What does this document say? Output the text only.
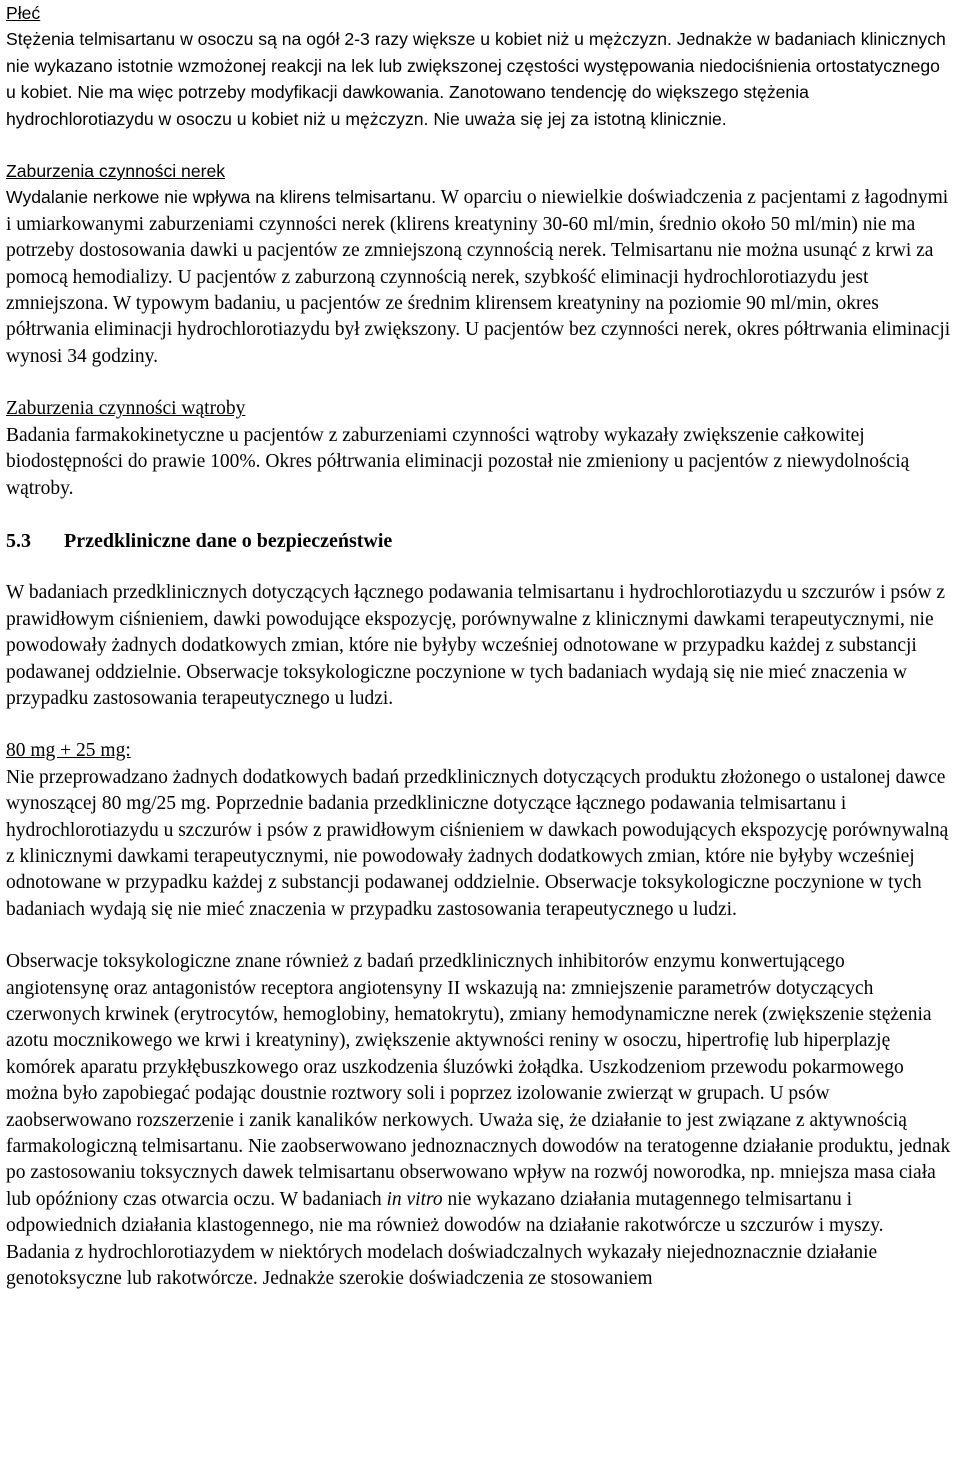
Płeć

Stężenia telmisartanu w osoczu są na ogół 2-3 razy większe u kobiet niż u mężczyzn. Jednakże w badaniach klinicznych nie wykazano istotnie wzmożonej reakcji na lek lub zwiększonej częstości występowania niedociśnienia ortostatycznego u kobiet. Nie ma więc potrzeby modyfikacji dawkowania. Zanotowano tendencję do większego stężenia hydrochlorotiazydu w osoczu u kobiet niż u mężczyzn. Nie uważa się jej za istotną klinicznie.

Zaburzenia czynności nerek

Wydalanie nerkowe nie wpływa na klirens telmisartanu. W oparciu o niewielkie doświadczenia z pacjentami z łagodnymi i umiarkowanymi zaburzeniami czynności nerek (klirens kreatyniny 30-60 ml/min, średnio około 50 ml/min) nie ma potrzeby dostosowania dawki u pacjentów ze zmniejszoną czynnością nerek. Telmisartanu nie można usunąć z krwi za pomocą hemodializy. U pacjentów z zaburzoną czynnością nerek, szybkość eliminacji hydrochlorotiazydu jest zmniejszona. W typowym badaniu, u pacjentów ze średnim klirensem kreatyniny na poziomie 90 ml/min, okres półtrwania eliminacji hydrochlorotiazydu był zwiększony. U pacjentów bez czynności nerek, okres półtrwania eliminacji wynosi 34 godziny.

Zaburzenia czynności wątroby

Badania farmakokinetyczne u pacjentów z zaburzeniami czynności wątroby wykazały zwiększenie całkowitej biodostępności do prawie 100%. Okres półtrwania eliminacji pozostał nie zmieniony u pacjentów z niewydolnością wątroby.

5.3	Przedkliniczne dane o bezpieczeństwie

W badaniach przedklinicznych dotyczących łącznego podawania telmisartanu i hydrochlorotiazydu u szczurów i psów z prawidłowym ciśnieniem, dawki powodujące ekspozycję, porównywalne z klinicznymi dawkami terapeutycznymi, nie powodowały żadnych dodatkowych zmian, które nie byłyby wcześniej odnotowane w przypadku każdej z substancji podawanej oddzielnie. Obserwacje toksykologiczne poczynione w tych badaniach wydają się nie mieć znaczenia w przypadku zastosowania terapeutycznego u ludzi.

80 mg + 25 mg:

Nie przeprowadzano żadnych dodatkowych badań przedklinicznych dotyczących produktu złożonego o ustalonej dawce wynoszącej 80 mg/25 mg. Poprzednie badania przedkliniczne dotyczące łącznego podawania telmisartanu i hydrochlorotiazydu u szczurów i psów z prawidłowym ciśnieniem w dawkach powodujących ekspozycję porównywalną z klinicznymi dawkami terapeutycznymi, nie powodowały żadnych dodatkowych zmian, które nie byłyby wcześniej odnotowane w przypadku każdej z substancji podawanej oddzielnie. Obserwacje toksykologiczne poczynione w tych badaniach wydają się nie mieć znaczenia w przypadku zastosowania terapeutycznego u ludzi.

Obserwacje toksykologiczne znane również z badań przedklinicznych inhibitorów enzymu konwertującego angiotensynę oraz antagonistów receptora angiotensyny II wskazują na: zmniejszenie parametrów dotyczących czerwonych krwinek (erytrocytów, hemoglobiny, hematokrytu), zmiany hemodynamiczne nerek (zwiększenie stężenia azotu mocznikowego we krwi i kreatyniny), zwiększenie aktywności reniny w osoczu, hipertrofię lub hiperplazję komórek aparatu przykłębuszkowego oraz uszkodzenia śluzówki żołądka. Uszkodzeniom przewodu pokarmowego można było zapobiegać podając doustnie roztwory soli i poprzez izolowanie zwierząt w grupach. U psów zaobserwowano rozszerzenie i zanik kanalików nerkowych. Uważa się, że działanie to jest związane z aktywnością farmakologiczną telmisartanu. Nie zaobserwowano jednoznacznych dowodów na teratogenne działanie produktu, jednak po zastosowaniu toksycznych dawek telmisartanu obserwowano wpływ na rozwój noworodka, np. mniejsza masa ciała lub opóźniony czas otwarcia oczu. W badaniach in vitro nie wykazano działania mutagennego telmisartanu i odpowiednich działania klastogennego, nie ma również dowodów na działanie rakotwórcze u szczurów i myszy. Badania z hydrochlorotiazydem w niektórych modelach doświadczalnych wykazały niejednoznacznie działanie genotoksyczne lub rakotwórcze. Jednakże szerokie doświadczenia ze stosowaniem
